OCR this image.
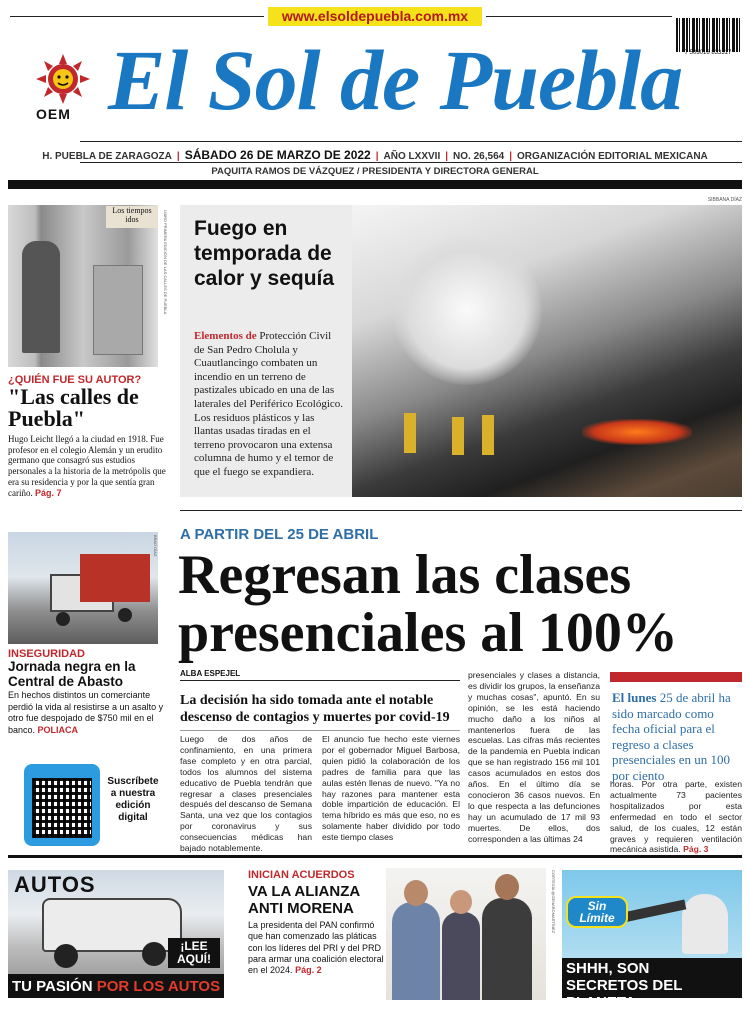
www.elsoldepuebla.com.mx
7 503016 833317
OEM El Sol de Puebla
H. PUEBLA DE ZARAGOZA | SÁBADO 26 DE MARZO DE 2022 | AÑO LXXVII | NO. 26,564 | ORGANIZACIÓN EDITORIAL MEXICANA
PAQUITA RAMOS DE VÁZQUEZ / PRESIDENTA Y DIRECTORA GENERAL
Los tiempos idos	LIBRO PRIMERA EDICIÓN DE LAS CALLES DE PUEBLA
¿QUIÉN FUE SU AUTOR?
"Las calles de Puebla"
Hugo Leicht llegó a la ciudad en 1918. Fue profesor en el colegio Alemán y un erudito germano que consagró sus estudios personales a la historia de la metrópolis que era su residencia y por la que sentía gran cariño. Pág. 7
BRAD DÍAZ
INSEGURIDAD
Jornada negra en la Central de Abasto
En hechos distintos un comerciante perdió la vida al resistirse a un asalto y otro fue despojado de $750 mil en el banco. POLIACA
Suscríbete a nuestra edición digital
SIBBANA DÍAZ
Fuego en temporada de calor y sequía
Elementos de Protección Civil de San Pedro Cholula y Cuautlancingo combaten un incendio en un terreno de pastizales ubicado en una de las laterales del Periférico Ecológico. Los residuos plásticos y las llantas usadas tiradas en el terreno provocaron una extensa columna de humo y el temor de que el fuego se expandiera.
A PARTIR DEL 25 DE ABRIL
Regresan las clases
presenciales al 100%
ALBA ESPEJEL
La decisión ha sido tomada ante el notable descenso de contagios y muertes por covid-19
Luego de dos años de confinamiento, en una primera fase completo y en otra parcial, todos los alumnos del sistema educativo de Puebla tendrán que regresar a clases presenciales después del descanso de Semana Santa, una vez que los contagios por coronavirus y sus consecuencias médicas han bajado notablemente.
El anuncio fue hecho este viernes por el gobernador Miguel Barbosa, quien pidió la colaboración de los padres de familia para que las aulas estén llenas de nuevo. "Ya no hay razones para mantener esta doble impartición de educación. El tema híbrido es más que eso, no es solamente haber dividido por todo este tiempo clases
presenciales y clases a distancia, es dividir los grupos, la enseñanza y muchas cosas", apuntó. En su opinión, se les está haciendo mucho daño a los niños al mantenerlos fuera de las escuelas. Las cifras más recientes de la pandemia en Puebla indican que se han registrado 156 mil 101 casos acumulados en estos dos años. En el último día se conocieron 36 casos nuevos. En lo que respecta a las defunciones hay un acumulado de 17 mil 93 muertes. De ellos, dos corresponden a las últimas 24
El lunes 25 de abril ha sido marcado como fecha oficial para el regreso a clases presenciales en un 100 por ciento
horas. Por otra parte, existen actualmente 73 pacientes hospitalizados por esta enfermedad en todo el sector salud, de los cuales, 12 están graves y requieren ventilación mecánica asistida. Pág. 3
AUTOS
¡LEE AQUÍ!
TU PASIÓN POR LOS AUTOS
INICIAN ACUERDOS
VA LA ALIANZA ANTI MORENA
La presidenta del PAN confirmó que han comenzado las pláticas con los líderes del PRI y del PRD para armar una coalición electoral en el 2024. Pág. 2
CORTESÍA @GENAROMARTÍNEZ	Sin Límite
SHHH, SON SECRETOS DEL PLANETA
